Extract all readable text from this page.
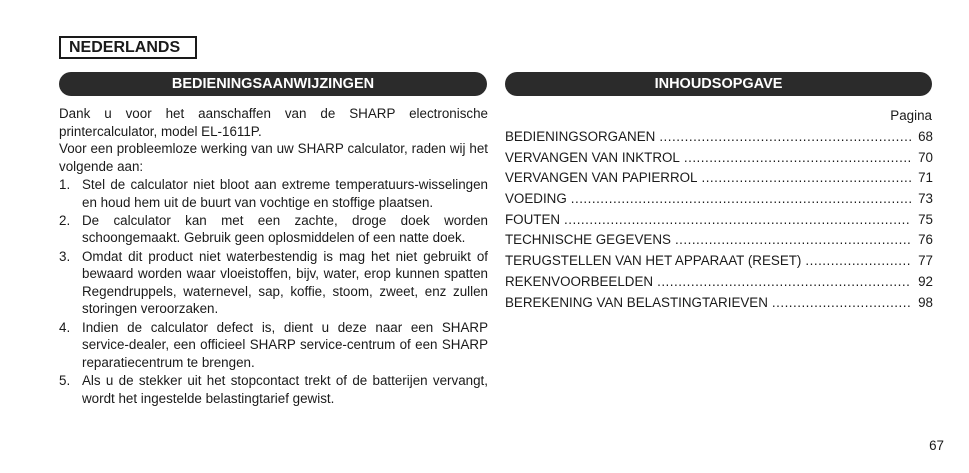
NEDERLANDS
BEDIENINGSAANWIJZINGEN	INHOUDSOPGAVE

Dank u voor het aanschaffen van de SHARP electronische printercalculator, model EL-1611P.

Voor een probleemloze werking van uw SHARP calculator, raden wij het volgende aan:

1. Stel de calculator niet bloot aan extreme temperatuurs-wisselingen en houd hem uit de buurt van vochtige en stoffige plaatsen.
2. De calculator kan met een zachte, droge doek worden schoongemaakt. Gebruik geen oplosmiddelen of een natte doek.
3. Omdat dit product niet waterbestendig is mag het niet gebruikt of bewaard worden waar vloeistoffen, bijv, water, erop kunnen spatten Regendruppels, waternevel, sap, koffie, stoom, zweet, enz zullen storingen veroorzaken.
4. Indien de calculator defect is, dient u deze naar een SHARP service-dealer, een officieel SHARP service-centrum of een SHARP reparatiecentrum te brengen.
5. Als u de stekker uit het stopcontact trekt of de batterijen vervangt, wordt het ingestelde belastingtarief gewist.
Pagina
BEDIENINGSORGANEN .....	68
VERVANGEN VAN INKTROL .....	70
VERVANGEN VAN PAPIERROL .....	71
VOEDING .....	73
FOUTEN .....	75
TECHNISCHE GEGEVENS .....	76
TERUGSTELLEN VAN HET APPARAAT (RESET) .....	77
REKENVOORBEELDEN .....	92
BEREKENING VAN BELASTINGTARIEVEN .....	98
67
